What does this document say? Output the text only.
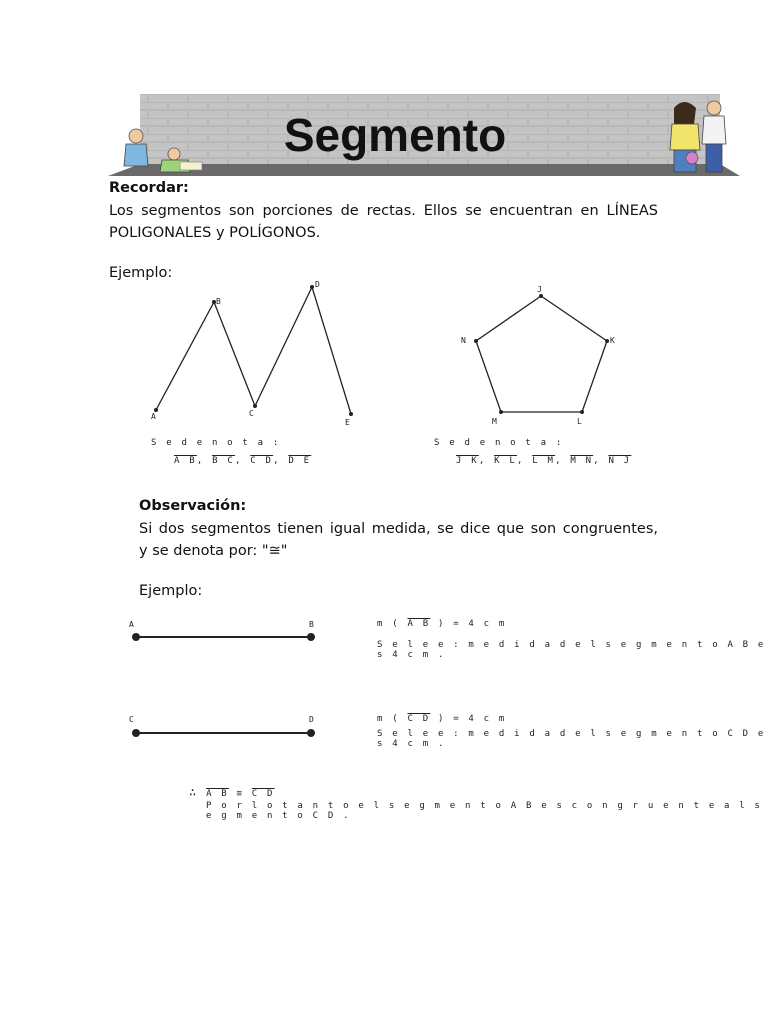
Segmento
Recordar:
Los segmentos son porciones de rectas. Ellos se encuentran en LÍNEAS
POLIGONALES y POLÍGONOS.
Ejemplo:
A
B
C
D
E
J
K
L
M
N
S e d e n o t a :
A B, B C, C D, D E
S e d e n o t a :
J K, K L, L M, M N, N J
Observación:
Si dos segmentos tienen igual medida, se dice que son congruentes,
y se denota por: "≅"
Ejemplo:
A	B	m ( A B ) = 4 c m
S e l e e : m e d i d a d e l s e g m e n t o A B e s 4 c m .
C	D	m ( C D ) = 4 c m
S e l e e : m e d i d a d e l s e g m e n t o C D e s 4 c m .
∴ A B ≅ C D
P o r l o t a n t o e l s e g m e n t o A B e s c o n g r u e n t e a l s e g m e n t o C D .
